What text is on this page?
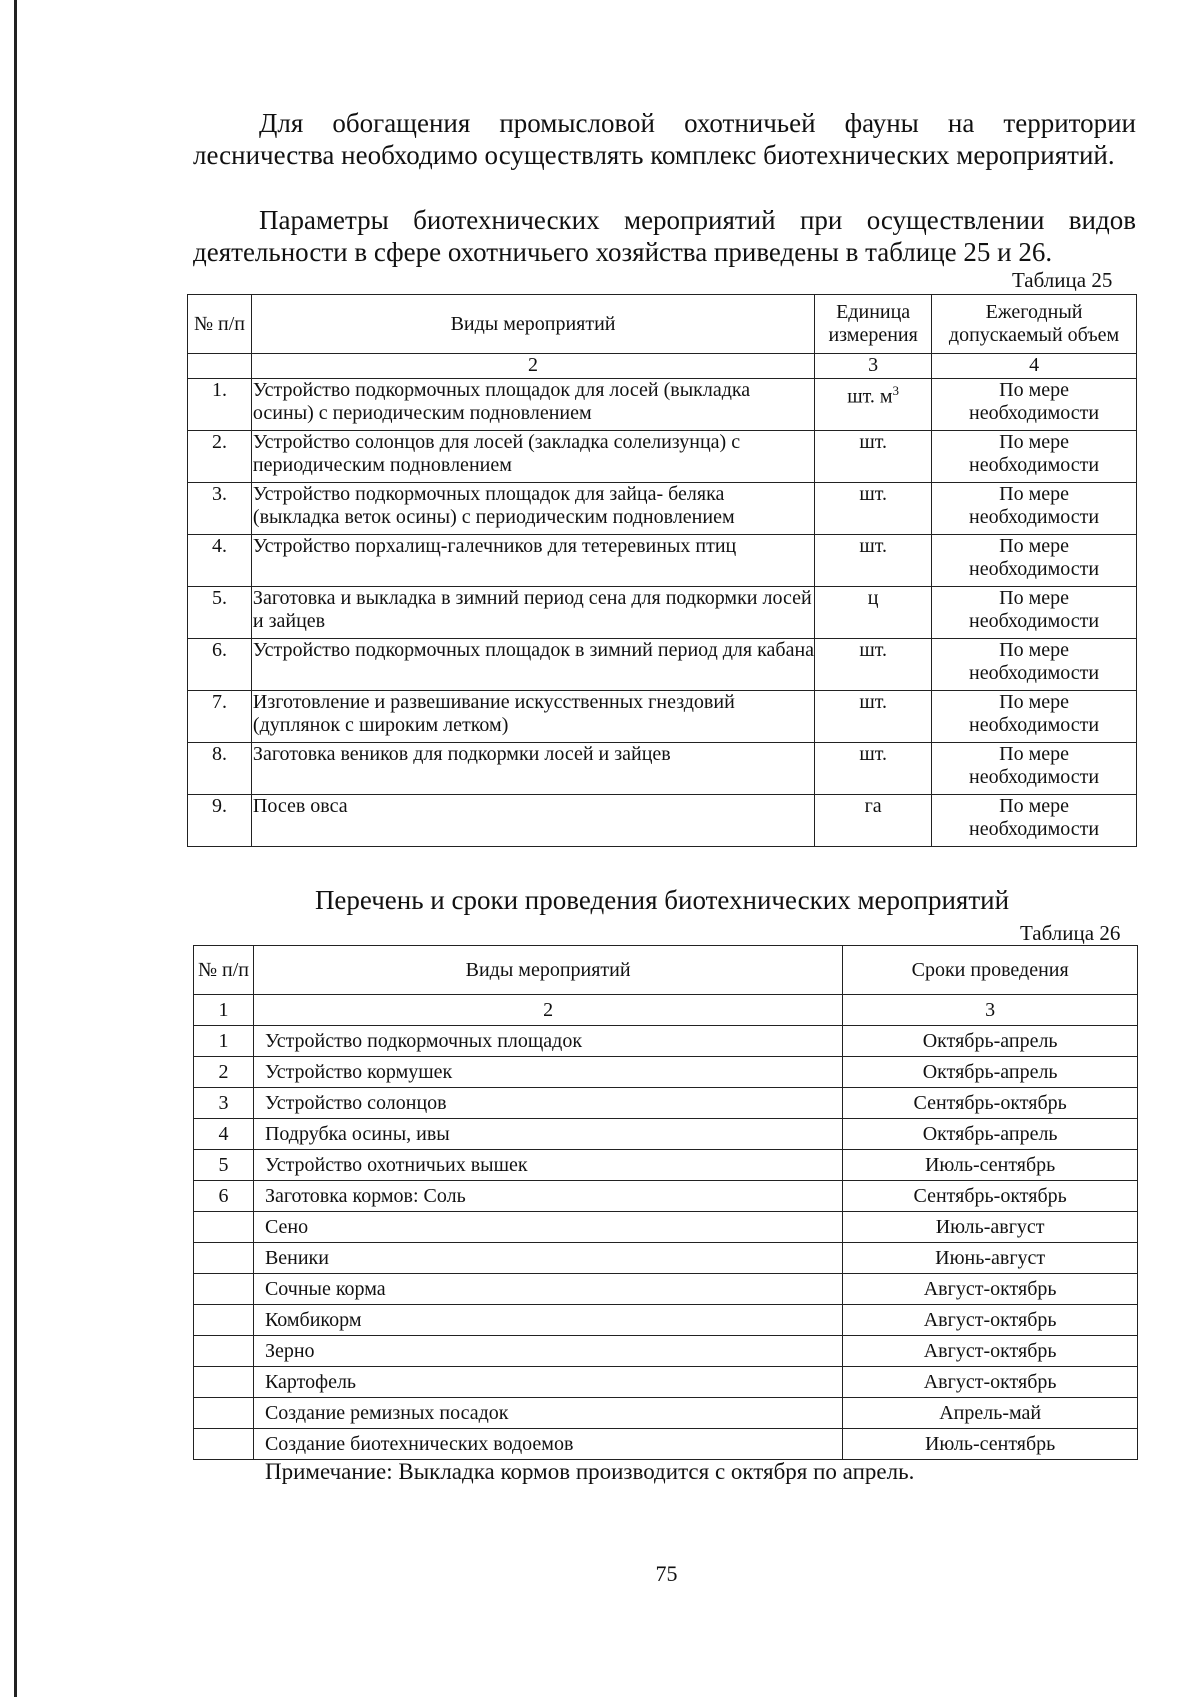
Для обогащения промысловой охотничьей фауны на территории лесничества необходимо осуществлять комплекс биотехнических мероприятий.

Параметры биотехнических мероприятий при осуществлении видов деятельности в сфере охотничьего хозяйства приведены в таблице 25 и 26.

Таблица 25
№ п/п	Виды мероприятий	Единица измерения	Ежегодный допускаемый объем
	2	3	4
1.	Устройство подкормочных площадок для лосей (выкладка осины) с периодическим подновлением	шт. $м^3$	По мере необходимости
2.	Устройство солонцов для лосей (закладка солелизунца) с периодическим подновлением	шт.	По мере необходимости
3.	Устройство подкормочных площадок для зайца- беляка (выкладка веток осины) с периодическим подновлением	шт.	По мере необходимости
4.	Устройство порхалищ-галечников для тетеревиных птиц	шт.	По мере необходимости
5.	Заготовка и выкладка в зимний период сена для подкормки лосей и зайцев	ц	По мере необходимости
6.	Устройство подкормочных площадок в зимний период для кабана	шт.	По мере необходимости
7.	Изготовление и развешивание искусственных гнездовий (дуплянок с широким летком)	шт.	По мере необходимости
8.	Заготовка веников для подкормки лосей и зайцев	шт.	По мере необходимости
9.	Посев овса	га	По мере необходимости
Перечень и сроки проведения биотехнических мероприятий
Таблица 26
№ п/п	Виды мероприятий	Сроки проведения
1	2	3
1	Устройство подкормочных площадок	Октябрь-апрель
2	Устройство кормушек	Октябрь-апрель
3	Устройство солонцов	Сентябрь-октябрь
4	Подрубка осины, ивы	Октябрь-апрель
5	Устройство охотничьих вышек	Июль-сентябрь
6	Заготовка кормов: Соль	Сентябрь-октябрь
	Сено	Июль-август
	Веники	Июнь-август
	Сочные корма	Август-октябрь
	Комбикорм	Август-октябрь
	Зерно	Август-октябрь
	Картофель	Август-октябрь
	Создание ремизных посадок	Апрель-май
	Создание биотехнических водоемов	Июль-сентябрь
Примечание: Выкладка кормов производится с октября по апрель.
75
